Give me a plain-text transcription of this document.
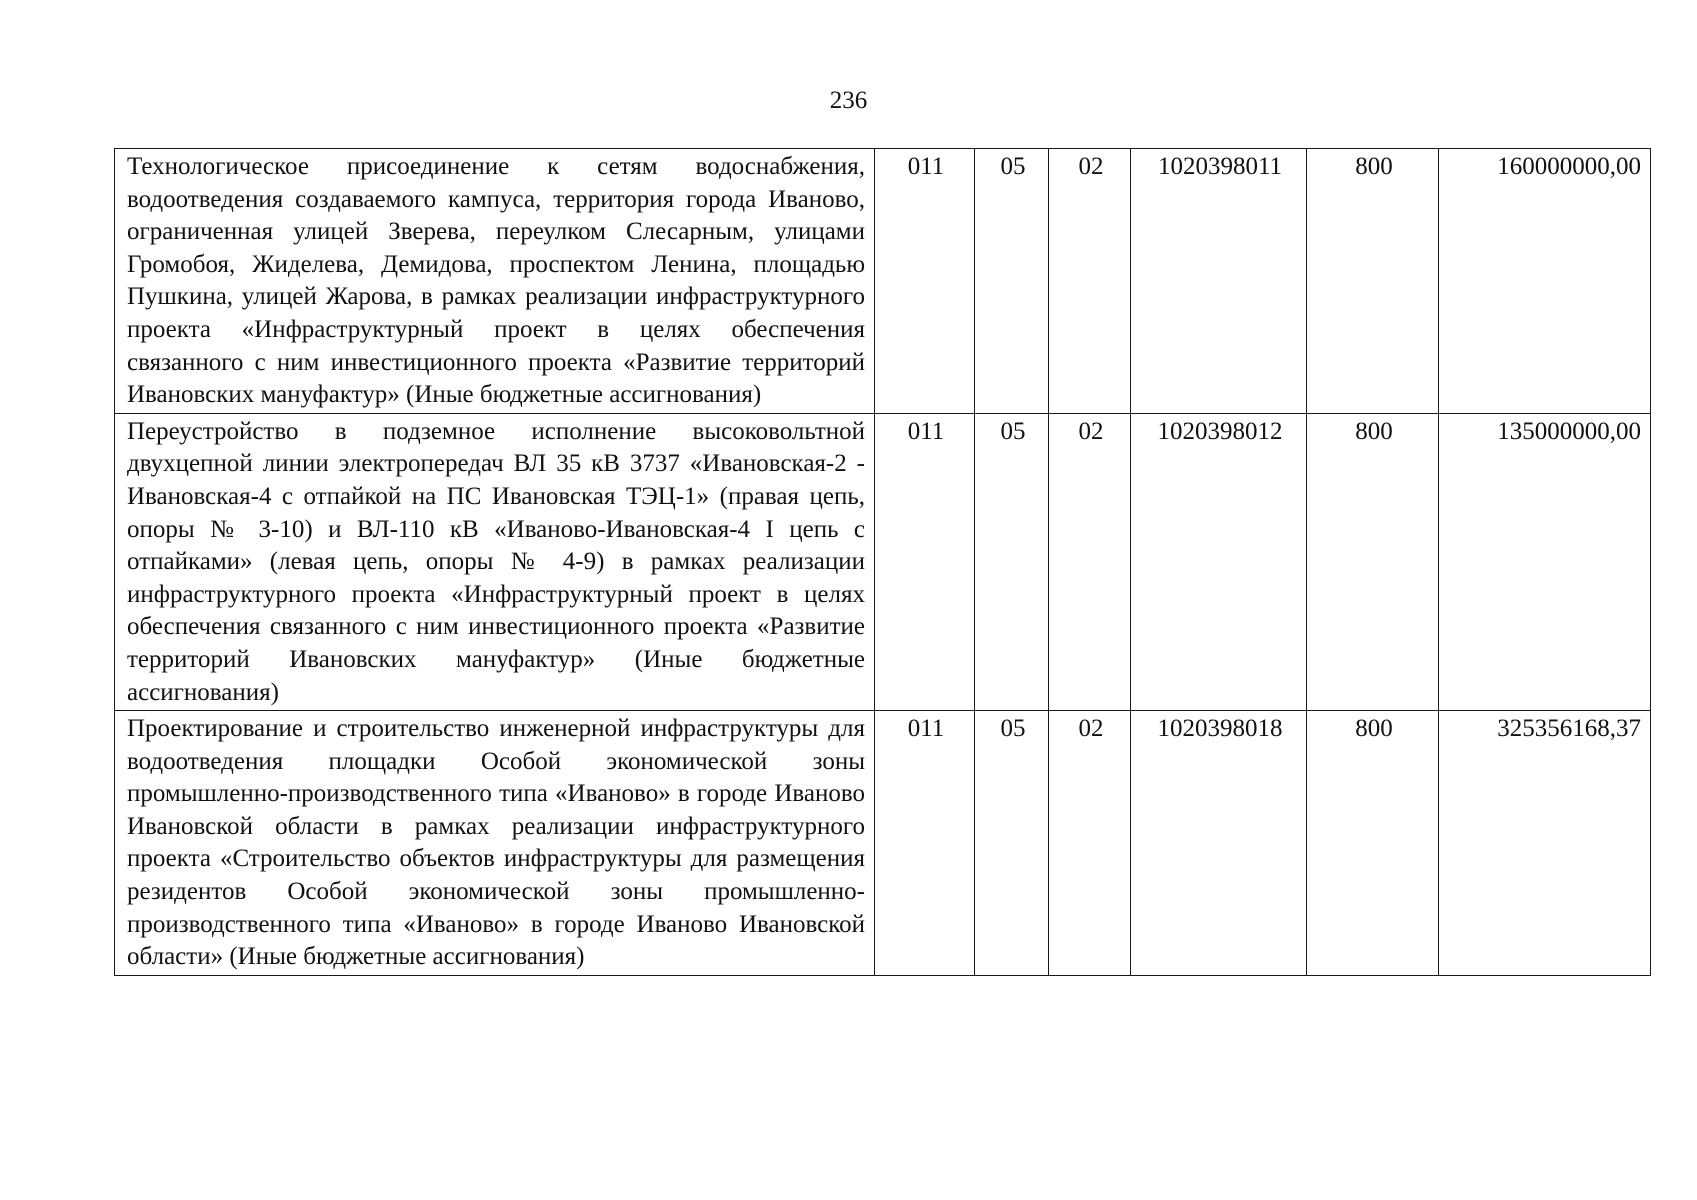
236
Технологическое присоединение к сетям водоснабжения, водоотведения создаваемого кампуса, территория города Иваново, ограниченная улицей Зверева, переулком Слесарным, улицами Громобоя, Жиделева, Демидова, проспектом Ленина, площадью Пушкина, улицей Жарова, в рамках реализации инфраструктурного проекта «Инфраструктурный проект в целях обеспечения связанного с ним инвестиционного проекта «Развитие территорий Ивановских мануфактур» (Иные бюджетные ассигнования)	011	05	02	1020398011	800	160000000,00
Переустройство в подземное исполнение высоковольтной двухцепной линии электропередач ВЛ 35 кВ 3737 «Ивановская-2 - Ивановская-4 с отпайкой на ПС Ивановская ТЭЦ-1» (правая цепь, опоры № 3-10) и ВЛ-110 кВ «Иваново-Ивановская-4 I цепь с отпайками» (левая цепь, опоры № 4-9) в рамках реализации инфраструктурного проекта «Инфраструктурный проект в целях обеспечения связанного с ним инвестиционного проекта «Развитие территорий Ивановских мануфактур» (Иные бюджетные ассигнования)	011	05	02	1020398012	800	135000000,00
Проектирование и строительство инженерной инфраструктуры для водоотведения площадки Особой экономической зоны промышленно-производственного типа «Иваново» в городе Иваново Ивановской области в рамках реализации инфраструктурного проекта «Строительство объектов инфраструктуры для размещения резидентов Особой экономической зоны промышленно-производственного типа «Иваново» в городе Иваново Ивановской области» (Иные бюджетные ассигнования)	011	05	02	1020398018	800	325356168,37
